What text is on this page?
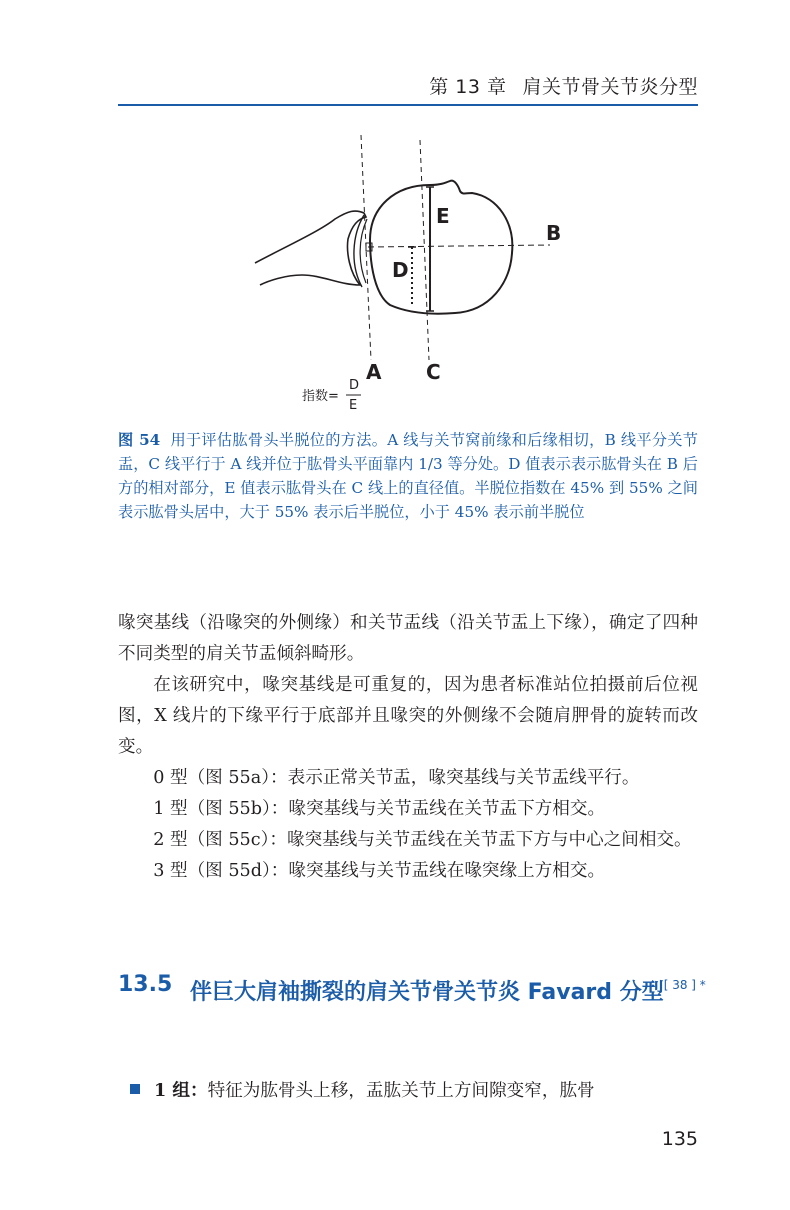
第 13 章 肩关节骨关节炎分型
E
D
B
A C
指数=
D
E
图 54 用于评估肱骨头半脱位的方法。A 线与关节窝前缘和后缘相切，B 线平分关节盂，C 线平行于 A 线并位于肱骨头平面靠内 1/3 等分处。D 值表示表示肱骨头在 B 后方的相对部分，E 值表示肱骨头在 C 线上的直径值。半脱位指数在 45% 到 55% 之间表示肱骨头居中，大于 55% 表示后半脱位，小于 45% 表示前半脱位

喙突基线（沿喙突的外侧缘）和关节盂线（沿关节盂上下缘），确定了四种不同类型的肩关节盂倾斜畸形。

在该研究中，喙突基线是可重复的，因为患者标准站位拍摄前后位视图，X 线片的下缘平行于底部并且喙突的外侧缘不会随肩胛骨的旋转而改变。

0 型（图 55a）：表示正常关节盂，喙突基线与关节盂线平行。

1 型（图 55b）：喙突基线与关节盂线在关节盂下方相交。

2 型（图 55c）：喙突基线与关节盂线在关节盂下方与中心之间相交。

3 型（图 55d）：喙突基线与关节盂线在喙突缘上方相交。

13.5 伴巨大肩袖撕裂的肩关节骨关节炎 Favard 分型$^{[ 38 ] *}$
1 组：特征为肱骨头上移，盂肱关节上方间隙变窄，肱骨
135
